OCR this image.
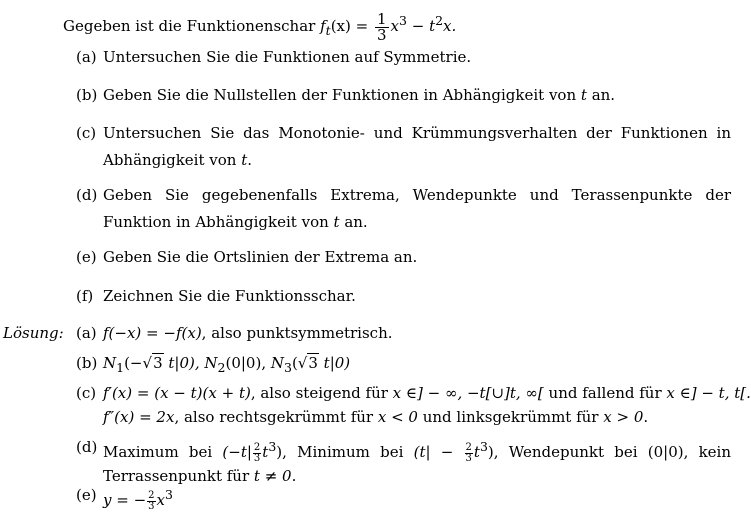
Gegeben ist die Funktionenschar $f_t(x) = \frac{1}{3} x^3 - t^2x$.
(a) Untersuchen Sie die Funktionen auf Symmetrie.
(b) Geben Sie die Nullstellen der Funktionen in Abhängigkeit von t an.
(c) Untersuchen Sie das Monotonie- und Krümmungsverhalten der Funktionen in Abhängigkeit von t.
(d) Geben Sie gegebenenfalls Extrema, Wendepunkte und Terassenpunkte der Funktion in Abhängigkeit von t an.
(e) Geben Sie die Ortslinien der Extrema an.
(f) Zeichnen Sie die Funktionsschar.
Lösung: (a) f(−x) = −f(x), also punktsymmetrisch.
(b) $N_1(-√3$ t|0), $N_2(0|0)$, $N_3(√3$ t|0)
(c) f′(x) = (x − t)(x + t), also steigend für x ∈] − ∞, −t[∪]t, ∞[ und fallend für x ∈] − t, t[.
f″(x) = 2x, also rechtsgekrümmt für x < 0 und linksgekrümmt für x > 0.
(d) Maximum bei $(-t| \frac{2}{3} t^3)$, Minimum bei $(t| - \frac{2}{3} t^3)$, Wendepunkt bei (0|0), kein Terrassenpunkt für t ≠ 0.
(e) y = − $\frac{2}{3} x^3$
